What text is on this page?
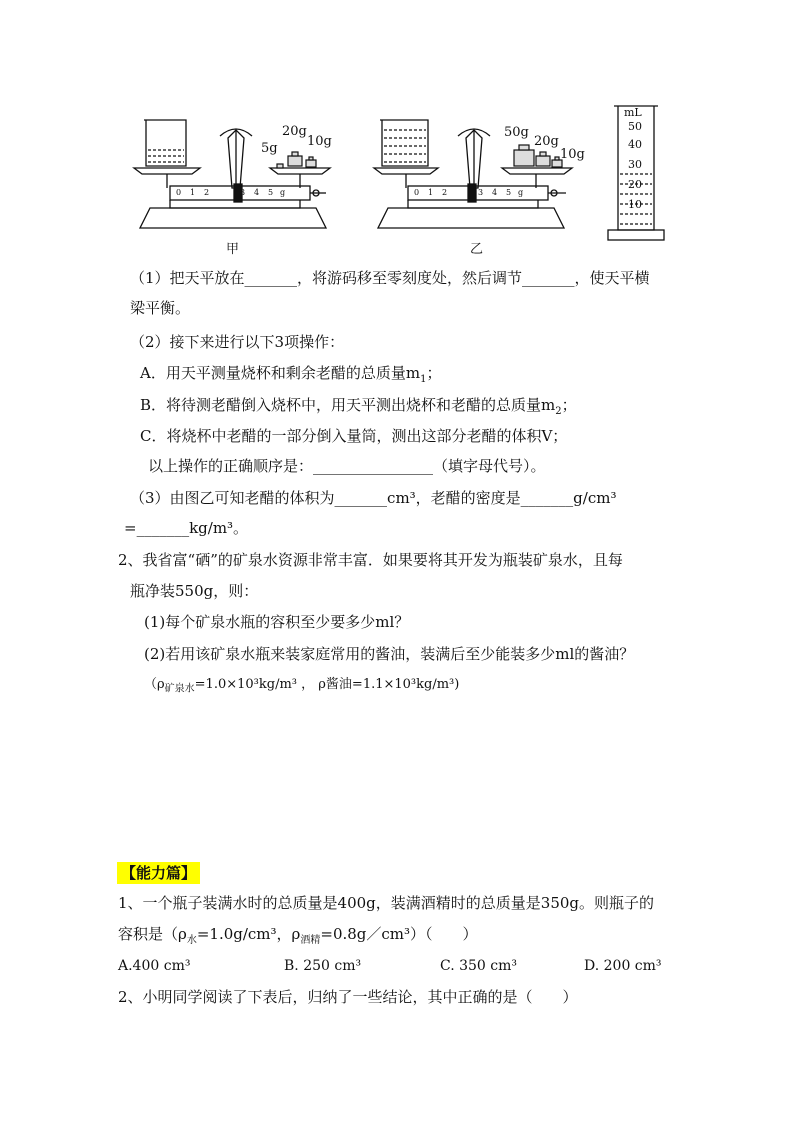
5g
20g
10g
50g
20g
10g
0 1 2	3 4 5 g	0 1 2	3 4 5 g
mL
50
40
30
20
10
甲	乙
（1）把天平放在_______，将游码移至零刻度处，然后调节_______，使天平横
梁平衡。
（2）接下来进行以下3项操作：
A．用天平测量烧杯和剩余老醋的总质量$m_1$；
B．将待测老醋倒入烧杯中，用天平测出烧杯和老醋的总质量$m_2$；
C．将烧杯中老醋的一部分倒入量筒，测出这部分老醋的体积V；
以上操作的正确顺序是：________________（填字母代号）。
（3）由图乙可知老醋的体积为_______cm³，老醋的密度是_______g/cm³
=_______kg/m³。
2、我省富“硒”的矿泉水资源非常丰富．如果要将其开发为瓶装矿泉水，且每
瓶净装550g，则：
(1)每个矿泉水瓶的容积至少要多少ml？
(2)若用该矿泉水瓶来装家庭常用的酱油，装满后至少能装多少ml的酱油？
（$\rho_{矿泉水}=1.0\times 10^3kg/m^3$ ， ρ酱油=1.1×10³kg/m³)
【能力篇】
1、一个瓶子装满水时的总质量是400g，装满酒精时的总质量是350g。则瓶子的
容积是（$\rho_水=1.0g$/cm³，$\rho_{酒精}=0.8g/cm^3$）（　　）
A.400 cm³	B. 250 cm³	C. 350 cm³	D. 200 cm³
2、小明同学阅读了下表后，归纳了一些结论，其中正确的是（　　）
